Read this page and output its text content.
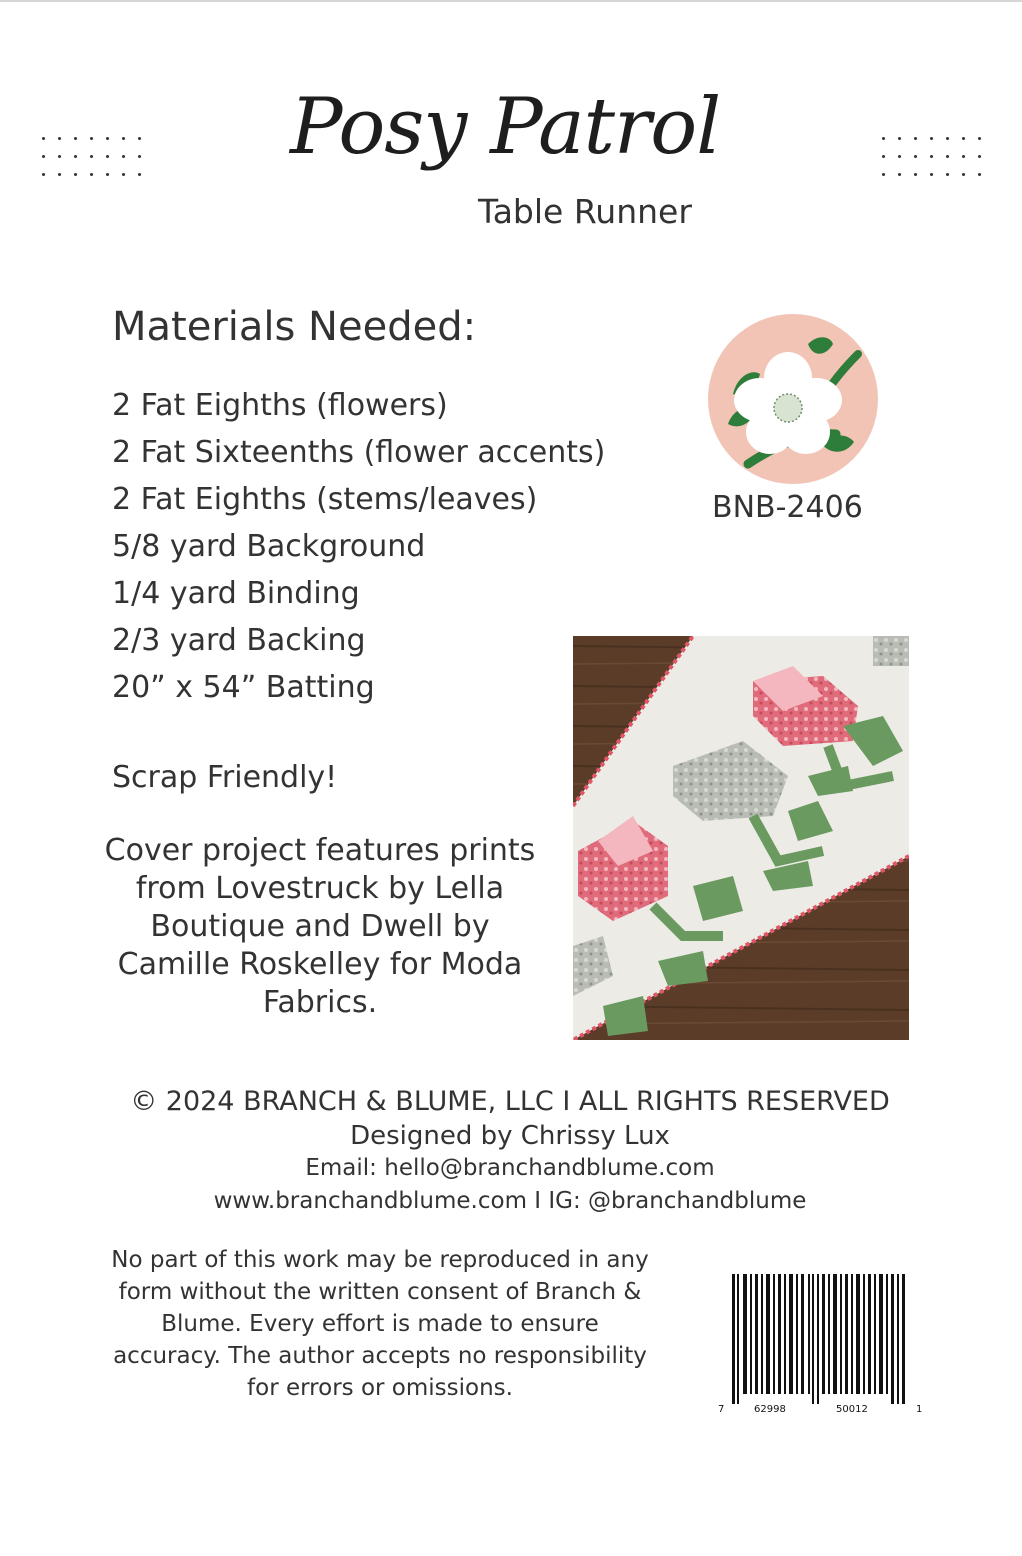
Posy Patrol
Table Runner
Materials Needed:
2 Fat Eighths (flowers)
2 Fat Sixteenths (flower accents)
2 Fat Eighths (stems/leaves)
5/8 yard Background
1/4 yard Binding
2/3 yard Backing
20” x 54” Batting
Scrap Friendly!
Cover project features prints from Lovestruck by Lella Boutique and Dwell by Camille Roskelley for Moda Fabrics.
BNB-2406
© 2024 BRANCH & BLUME, LLC I ALL RIGHTS RESERVED
Designed by Chrissy Lux
Email: hello@branchandblume.com
www.branchandblume.com I IG: @branchandblume
No part of this work may be reproduced in any form without the written consent of Branch & Blume. Every effort is made to ensure accuracy. The author accepts no responsibility for errors or omissions.
7	62998	50012	1
